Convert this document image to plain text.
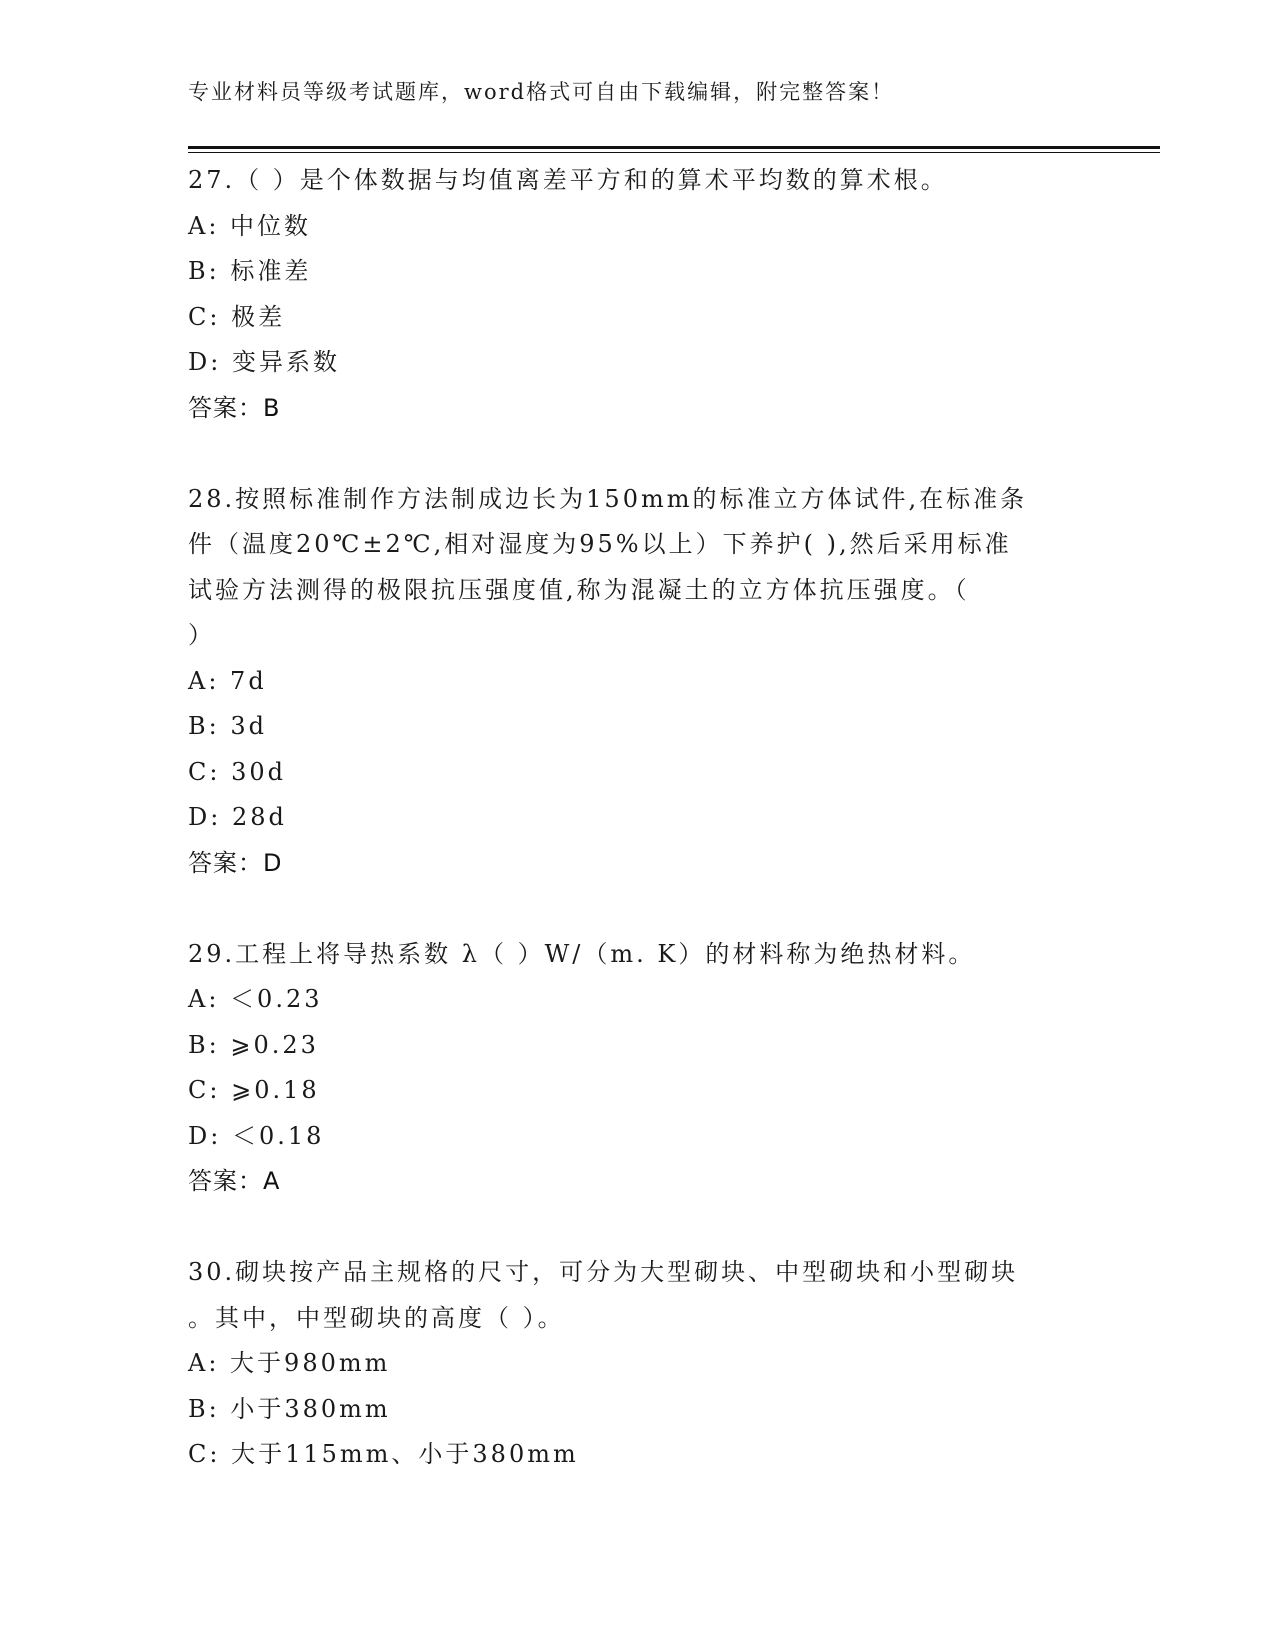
专业材料员等级考试题库，word格式可自由下载编辑，附完整答案！
27.（ ）是个体数据与均值离差平方和的算术平均数的算术根。
A: 中位数
B: 标准差
C: 极差
D: 变异系数
答案：B
28.按照标准制作方法制成边长为150mm的标准立方体试件,在标准条
件（温度20℃±2℃,相对湿度为95%以上）下养护( ),然后采用标准
试验方法测得的极限抗压强度值,称为混凝土的立方体抗压强度。（
）
A: 7d
B: 3d
C: 30d
D: 28d
答案：D
29.工程上将导热系数 λ（ ）W/（m. K）的材料称为绝热材料。
A: ＜0.23
B: ⩾0.23
C: ⩾0.18
D: ＜0.18
答案：A
30.砌块按产品主规格的尺寸，可分为大型砌块、中型砌块和小型砌块
。其中，中型砌块的高度（ ）。
A: 大于980mm
B: 小于380mm
C: 大于115mm、小于380mm
